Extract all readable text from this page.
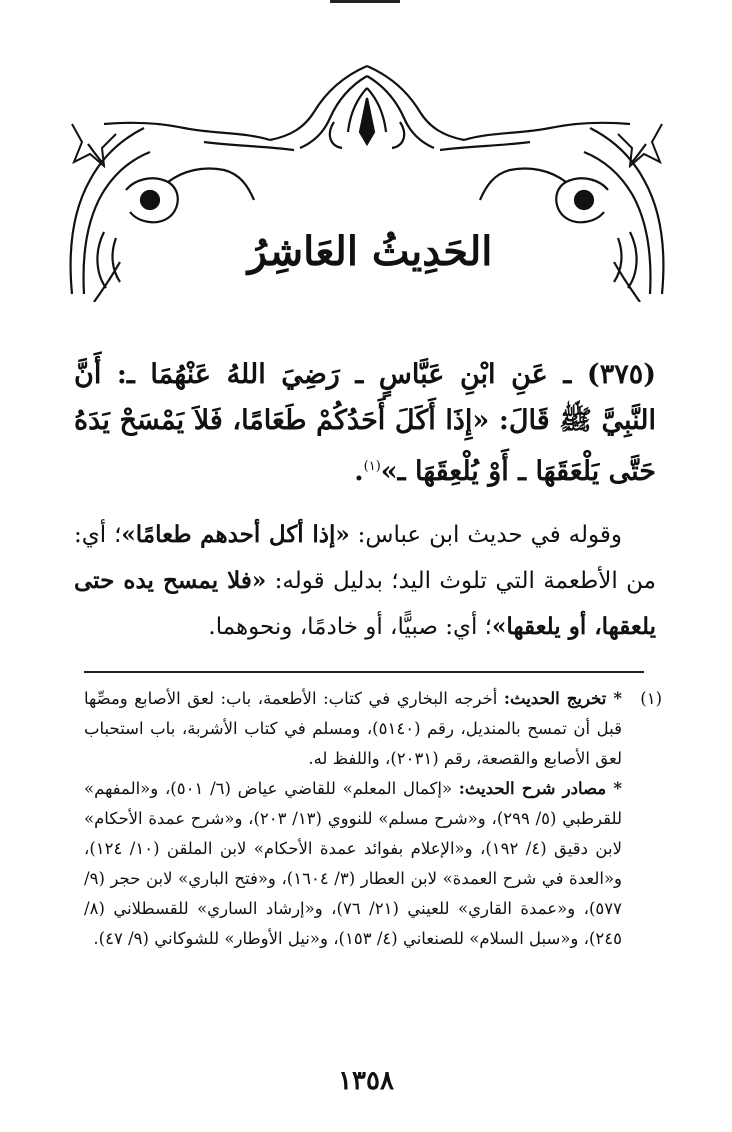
الحَدِيثُ العَاشِرُ
(٣٧٥) ـ عَنِ ابْنِ عَبَّاسٍ ـ رَضِيَ اللهُ عَنْهُمَا ـ: أَنَّ النَّبِيَّ ﷺ قَالَ: «إِذَا أَكَلَ أَحَدُكُمْ طَعَامًا، فَلاَ يَمْسَحْ يَدَهُ حَتَّى يَلْعَقَهَا ـ أَوْ يُلْعِقَهَا ـ»$^{(١)}$.
وقوله في حديث ابن عباس: «إذا أكل أحدهم طعامًا»؛ أي: من الأطعمة التي تلوث اليد؛ بدليل قوله: «فلا يمسح يده حتى يلعقها، أو يلعقها»؛ أي: صبيًّا، أو خادمًا، ونحوهما.
(١)
* تخريج الحديث: أخرجه البخاري في كتاب: الأطعمة، باب: لعق الأصابع ومصِّها قبل أن تمسح بالمنديل، رقم (٥١٤٠)، ومسلم في كتاب الأشربة، باب استحباب لعق الأصابع والقصعة، رقم (٢٠٣١)، واللفظ له.
* مصادر شرح الحديث: «إكمال المعلم» للقاضي عياض (٦/ ٥٠١)، و«المفهم» للقرطبي (٥/ ٢٩٩)، و«شرح مسلم» للنووي (١٣/ ٢٠٣)، و«شرح عمدة الأحكام» لابن دقيق (٤/ ١٩٢)، و«الإعلام بفوائد عمدة الأحكام» لابن الملقن (١٠/ ١٢٤)، و«العدة في شرح العمدة» لابن العطار (٣/ ١٦٠٤)، و«فتح الباري» لابن حجر (٩/ ٥٧٧)، و«عمدة القاري» للعيني (٢١/ ٧٦)، و«إرشاد الساري» للقسطلاني (٨/ ٢٤٥)، و«سبل السلام» للصنعاني (٤/ ١٥٣)، و«نيل الأوطار» للشوكاني (٩/ ٤٧).
١٣٥٨
